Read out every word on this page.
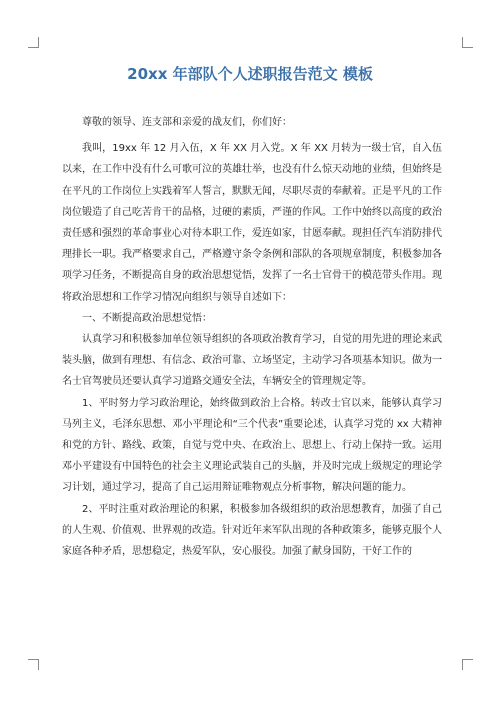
20xx 年部队个人述职报告范文 模板

尊敬的领导、连支部和亲爱的战友们，你们好：

我叫，19xx 年 12 月入伍，X 年 XX 月入党。X 年 XX 月转为一级士官，自入伍以来，在工作中没有什么可歌可泣的英雄壮举，也没有什么惊天动地的业绩，但始终是在平凡的工作岗位上实践着军人誓言，默默无闻，尽职尽责的奉献着。正是平凡的工作岗位锻造了自己吃苦肯干的品格，过硬的素质，严谨的作风。工作中始终以高度的政治责任感和强烈的革命事业心对待本职工作，爱连如家，甘愿奉献。现担任汽车消防排代理排长一职。我严格要求自己，严格遵守条令条例和部队的各项规章制度，积极参加各项学习任务，不断提高自身的政治思想觉悟，发挥了一名士官骨干的模范带头作用。现将政治思想和工作学习情况向组织与领导自述如下：

一、不断提高政治思想觉悟：

认真学习和积极参加单位领导组织的各项政治教育学习，自觉的用先进的理论来武装头脑，做到有理想、有信念、政治可靠、立场坚定，主动学习各项基本知识。做为一名士官驾驶员还要认真学习道路交通安全法，车辆安全的管理规定等。

1、平时努力学习政治理论，始终做到政治上合格。转改士官以来，能够认真学习马列主义，毛泽东思想、邓小平理论和“三个代表”重要论述，认真学习党的 xx 大精神和党的方针、路线、政策，自觉与党中央、在政治上、思想上、行动上保持一致。运用邓小平建设有中国特色的社会主义理论武装自己的头脑，并及时完成上级规定的理论学习计划，通过学习，提高了自己运用辩证唯物观点分析事物，解决问题的能力。

2、平时注重对政治理论的积累，积极参加各级组织的政治思想教育，加强了自己的人生观、价值观、世界观的改造。针对近年来军队出现的各种政策多，能够克服个人家庭各种矛盾，思想稳定，热爱军队，安心服役。加强了献身国防，干好工作的
